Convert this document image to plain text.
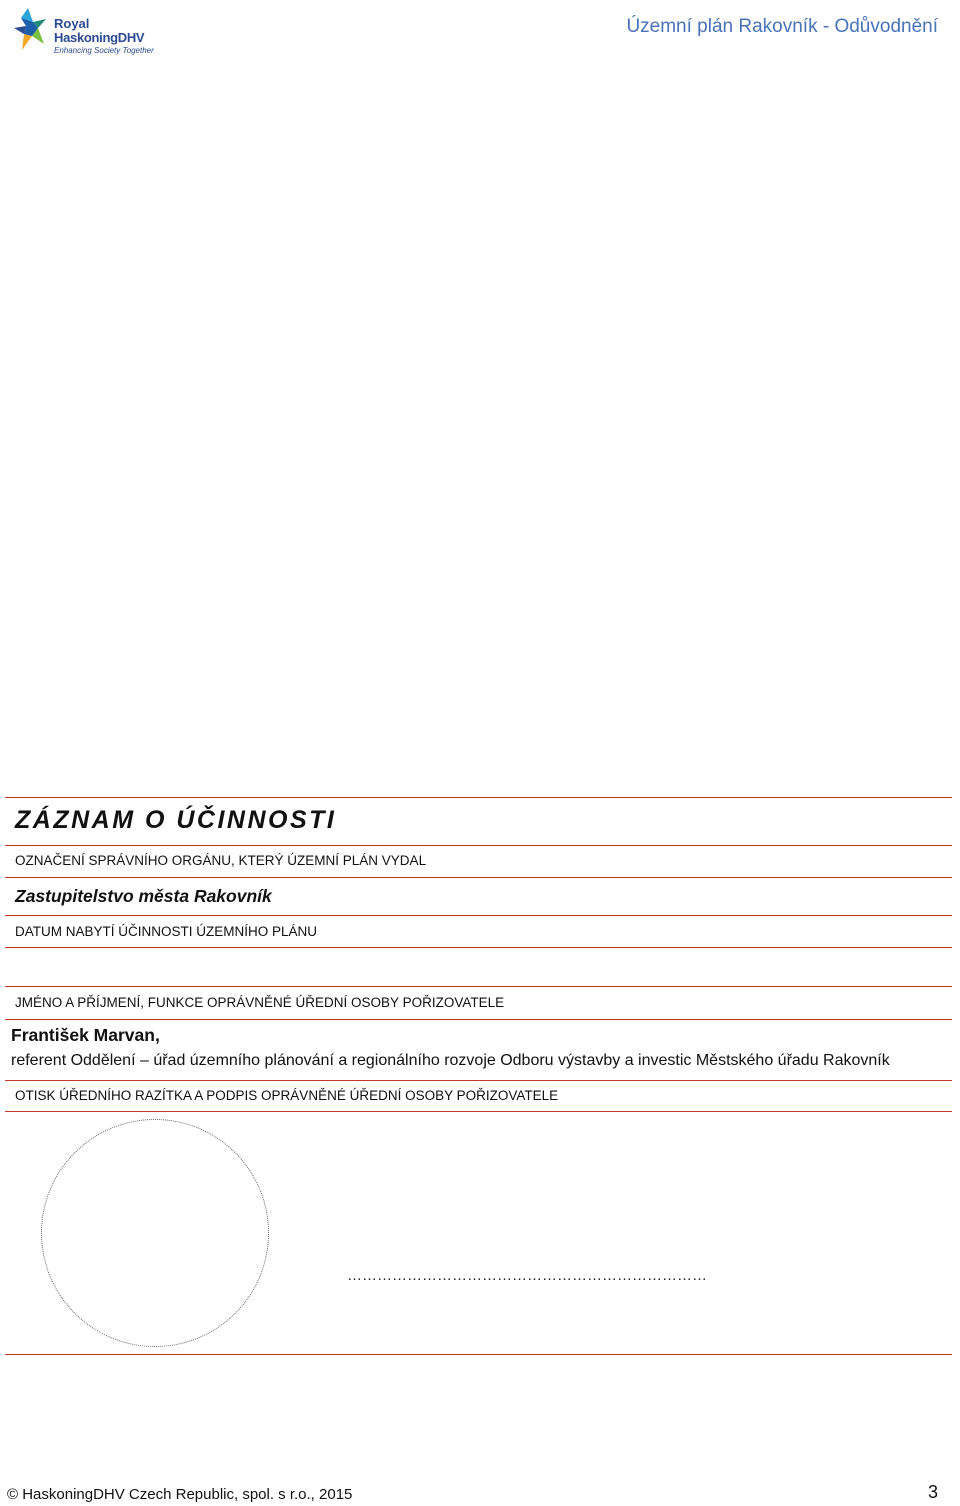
Royal
HaskoningDHV
Enhancing Society Together
Územní plán Rakovník - Odůvodnění
ZÁZNAM O ÚČINNOSTI
OZNAČENÍ SPRÁVNÍHO ORGÁNU, KTERÝ ÚZEMNÍ PLÁN VYDAL
Zastupitelstvo města Rakovník
DATUM NABYTÍ ÚČINNOSTI ÚZEMNÍHO PLÁNU
JMÉNO A PŘÍJMENÍ, FUNKCE OPRÁVNĚNÉ ÚŘEDNÍ OSOBY POŘIZOVATELE
František Marvan,
referent Oddělení – úřad územního plánování a regionálního rozvoje Odboru výstavby a investic Městského úřadu Rakovník
OTISK ÚŘEDNÍHO RAZÍTKA A PODPIS OPRÁVNĚNÉ ÚŘEDNÍ OSOBY POŘIZOVATELE
………………………………………………………………
© HaskoningDHV Czech Republic, spol. s r.o., 2015	3
